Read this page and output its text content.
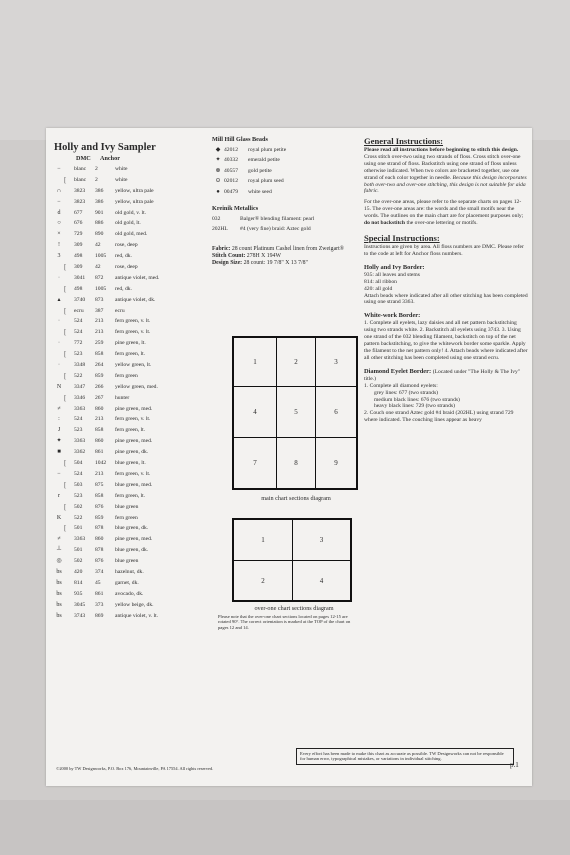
Holly and Ivy Sampler
DMC Anchor
−	blanc	2	white
[	blanc	2	white
∩	3823	386	yellow, ultra pale
−	3823	386	yellow, ultra pale
d	677	901	old gold, v. lt.
○	676	886	old gold, lt.
×	729	890	old gold, med.
!	309	42	rose, deep
3	498	1005	red, dk.
[	309	42	rose, deep
∙	3041	872	antique violet, med.
[	498	1005	red, dk.
▴	3740	873	antique violet, dk.
[	ecru	387	ecru
∙	524	213	fern green, v. lt.
[	524	213	fern green, v. lt.
∙	772	259	pine green, lt.
[	523	858	fern green, lt.
∙	3348	264	yellow green, lt.
[	522	859	fern green
N	3347	266	yellow green, med.
[	3346	267	hunter
≠	3363	860	pine green, med.
:	524	213	fern green, v. lt.
J	523	858	fern green, lt.
✦	3363	860	pine green, med.
■	3362	861	pine green, dk.
[	504	1042	blue green, lt.
−	524	213	fern green, v. lt.
[	503	875	blue green, med.
r	523	858	fern green, lt.
[	502	876	blue green
K	522	859	fern green
[	501	878	blue green, dk.
≠	3363	860	pine green, med.
┴	501	878	blue green, dk.
◎	502	876	blue green
bs	420	374	hazelnut, dk.
bs	814	45	garnet, dk.
bs	935	861	avocado, dk.
bs	3045	373	yellow beige, dk.
bs	3743	869	antique violet, v. lt.
Mill Hill Glass Beads
◆ 42012	royal plum petite
✦ 40332	emerald petite
⊗ 40557	gold petite
⊙ 02012	royal plum seed
● 00479	white seed
Kreinik Metallics
032	Balger® blending filament: pearl
202HL	#4 (very fine) braid: Aztec gold
Fabric: 28 count Platinum Cashel linen from Zweigart®
Stitch Count: 278H X 194W
Design Size: 28 count: 19 7/8" X 13 7/8"
1	2	3
4	5	6
7	8	9
main chart sections diagram
1	3
2	4
over-one chart sections diagram
Please note that the over-one chart sections located on pages 12-15 are rotated 90°. The correct orientation is marked at the TOP of the chart on pages 12 and 14.
General Instructions:
Please read all instructions before beginning to stitch this design. Cross stitch over-two using two strands of floss. Cross stitch over-one using one strand of floss. Backstitch using one strand of floss unless otherwise indicated. When two colors are bracketed together, use one strand of each color together in needle. Because this design incorporates both over-two and over-one stitching, this design is not suitable for aida fabric.
For the over-one areas, please refer to the separate charts on pages 12-15. The over-one areas are: the words and the small motifs near the words. The outlines on the main chart are for placement purposes only; do not backstitch the over-one lettering or motifs.
Special Instructions:
Instructions are given by area. All floss numbers are DMC. Please refer to the code at left for Anchor floss numbers.
Holly and Ivy Border:
935: all leaves and stems
814: all ribbon
420: all gold
Attach beads where indicated after all other stitching has been completed using one strand 3363.
White-work Border:
1. Complete all eyelets, lazy daisies and all net pattern backstitching using two strands white. 2. Backstitch all eyelets using 3743. 3. Using one strand of the 032 blending filament, backstitch on top of the net pattern backstitching, to give the whitework border some sparkle. Apply the filament to the net pattern only! 4. Attach beads where indicated after all other stitching has been completed using one strand ecru.
Diamond Eyelet Border: (Located under "The Holly & The Ivy" title.)
1. Complete all diamond eyelets:
grey lines: 677 (two strands)
medium black lines: 676 (two strands)
heavy black lines: 729 (two strands)
2. Couch one strand Aztec gold #4 braid (202HL) using strand 729 where indicated. The couching lines appear as heavy
Every effort has been made to make this chart as accurate as possible. TW Designworks can not be responsible for human error, typographical mistakes, or variations in individual stitching.
p.1
©2000 by TW Designworks, P.O. Box 176, Mountainville, PA 17554. All rights reserved.
